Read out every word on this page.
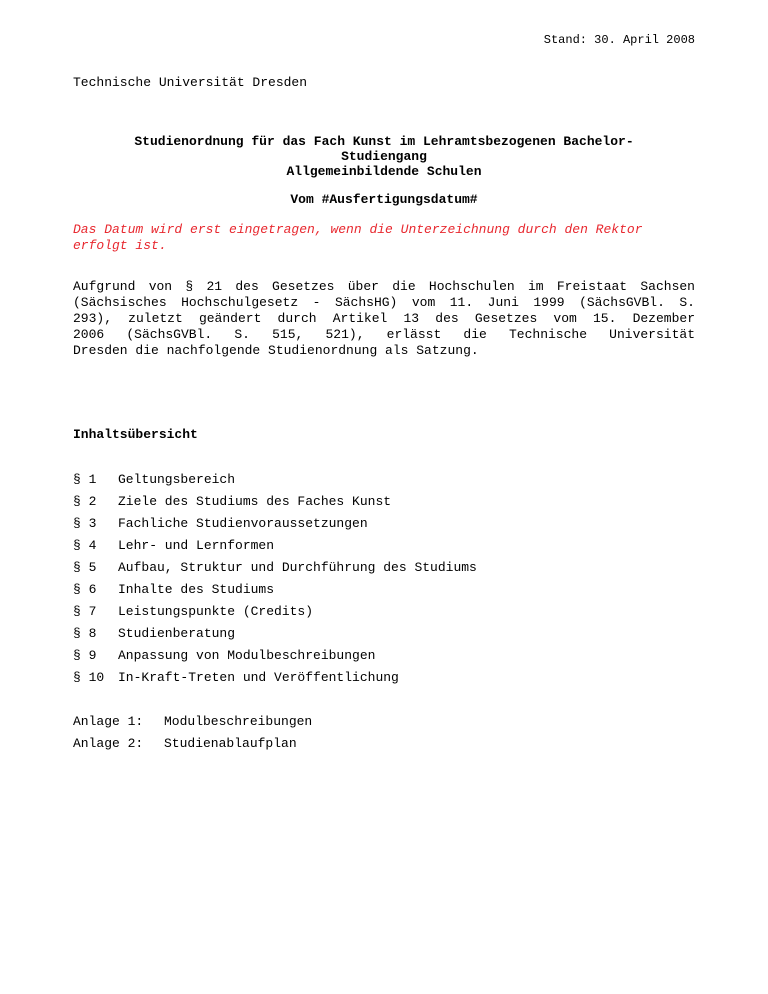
Stand: 30. April 2008
Technische Universität Dresden
Studienordnung für das Fach Kunst im Lehramtsbezogenen Bachelor-
Studiengang
Allgemeinbildende Schulen
Vom #Ausfertigungsdatum#
Das Datum wird erst eingetragen, wenn die Unterzeichnung durch den Rektor
erfolgt ist.
Aufgrund von § 21 des Gesetzes über die Hochschulen im Freistaat Sachsen
(Sächsisches Hochschulgesetz - SächsHG) vom 11. Juni 1999 (SächsGVBl. S.
293), zuletzt geändert durch Artikel 13 des Gesetzes vom 15. Dezember
2006 (SächsGVBl. S. 515, 521), erlässt die Technische Universität
Dresden die nachfolgende Studienordnung als Satzung.
Inhaltsübersicht
§ 1	Geltungsbereich
§ 2	Ziele des Studiums des Faches Kunst
§ 3	Fachliche Studienvoraussetzungen
§ 4	Lehr- und Lernformen
§ 5	Aufbau, Struktur und Durchführung des Studiums
§ 6	Inhalte des Studiums
§ 7	Leistungspunkte (Credits)
§ 8	Studienberatung
§ 9	Anpassung von Modulbeschreibungen
§ 10	In-Kraft-Treten und Veröffentlichung
Anlage 1:	Modulbeschreibungen
Anlage 2:	Studienablaufplan
